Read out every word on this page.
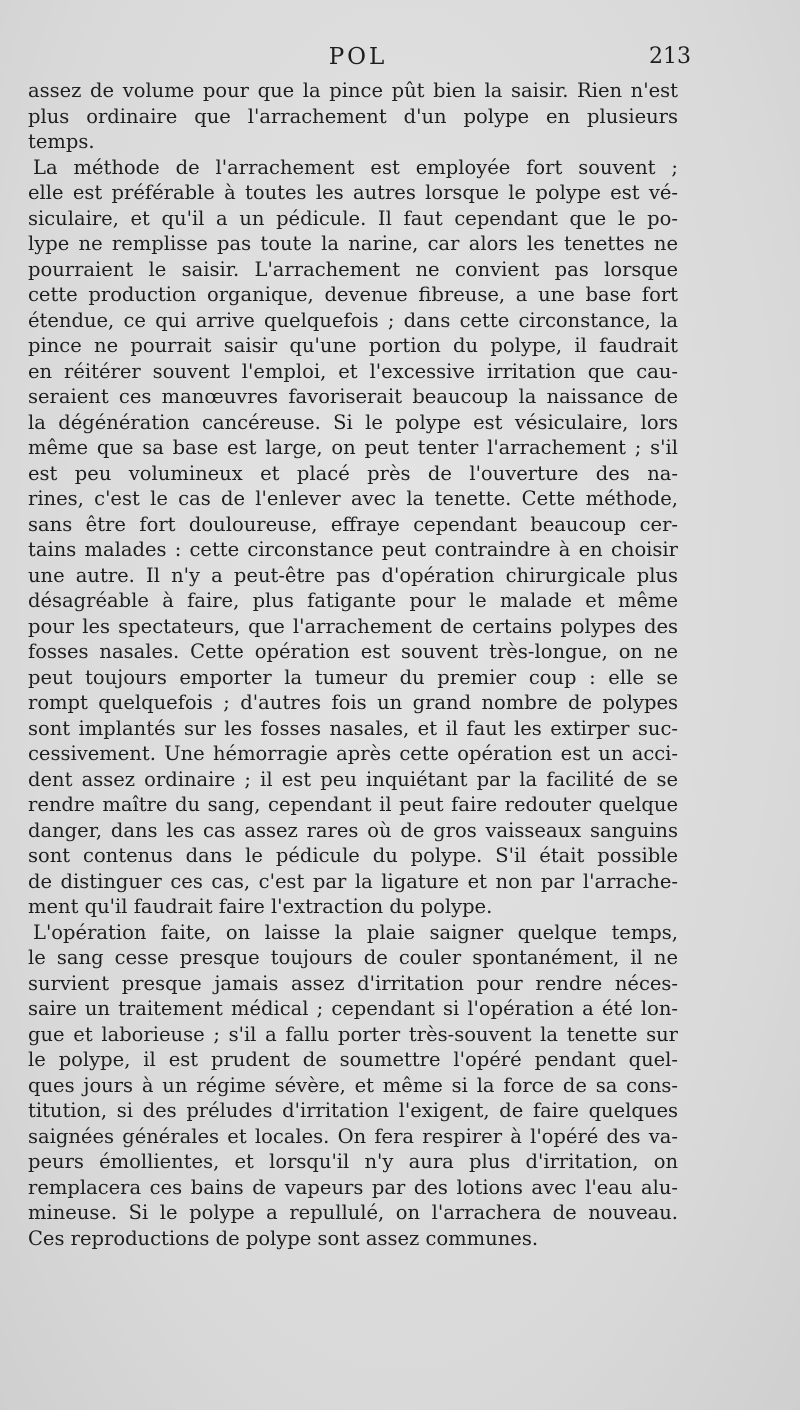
POL	213
assez de volume pour que la pince pût bien la saisir. Rien n'est
plus ordinaire que l'arrachement d'un polype en plusieurs
temps.
La méthode de l'arrachement est employée fort souvent ;
elle est préférable à toutes les autres lorsque le polype est vé-
siculaire, et qu'il a un pédicule. Il faut cependant que le po-
lype ne remplisse pas toute la narine, car alors les tenettes ne
pourraient le saisir. L'arrachement ne convient pas lorsque
cette production organique, devenue fibreuse, a une base fort
étendue, ce qui arrive quelquefois ; dans cette circonstance, la
pince ne pourrait saisir qu'une portion du polype, il faudrait
en réitérer souvent l'emploi, et l'excessive irritation que cau-
seraient ces manœuvres favoriserait beaucoup la naissance de
la dégénération cancéreuse. Si le polype est vésiculaire, lors
même que sa base est large, on peut tenter l'arrachement ; s'il
est peu volumineux et placé près de l'ouverture des na-
rines, c'est le cas de l'enlever avec la tenette. Cette méthode,
sans être fort douloureuse, effraye cependant beaucoup cer-
tains malades : cette circonstance peut contraindre à en choisir
une autre. Il n'y a peut-être pas d'opération chirurgicale plus
désagréable à faire, plus fatigante pour le malade et même
pour les spectateurs, que l'arrachement de certains polypes des
fosses nasales. Cette opération est souvent très-longue, on ne
peut toujours emporter la tumeur du premier coup : elle se
rompt quelquefois ; d'autres fois un grand nombre de polypes
sont implantés sur les fosses nasales, et il faut les extirper suc-
cessivement. Une hémorragie après cette opération est un acci-
dent assez ordinaire ; il est peu inquiétant par la facilité de se
rendre maître du sang, cependant il peut faire redouter quelque
danger, dans les cas assez rares où de gros vaisseaux sanguins
sont contenus dans le pédicule du polype. S'il était possible
de distinguer ces cas, c'est par la ligature et non par l'arrache-
ment qu'il faudrait faire l'extraction du polype.
L'opération faite, on laisse la plaie saigner quelque temps,
le sang cesse presque toujours de couler spontanément, il ne
survient presque jamais assez d'irritation pour rendre néces-
saire un traitement médical ; cependant si l'opération a été lon-
gue et laborieuse ; s'il a fallu porter très-souvent la tenette sur
le polype, il est prudent de soumettre l'opéré pendant quel-
ques jours à un régime sévère, et même si la force de sa cons-
titution, si des préludes d'irritation l'exigent, de faire quelques
saignées générales et locales. On fera respirer à l'opéré des va-
peurs émollientes, et lorsqu'il n'y aura plus d'irritation, on
remplacera ces bains de vapeurs par des lotions avec l'eau alu-
mineuse. Si le polype a repullulé, on l'arrachera de nouveau.
Ces reproductions de polype sont assez communes.
